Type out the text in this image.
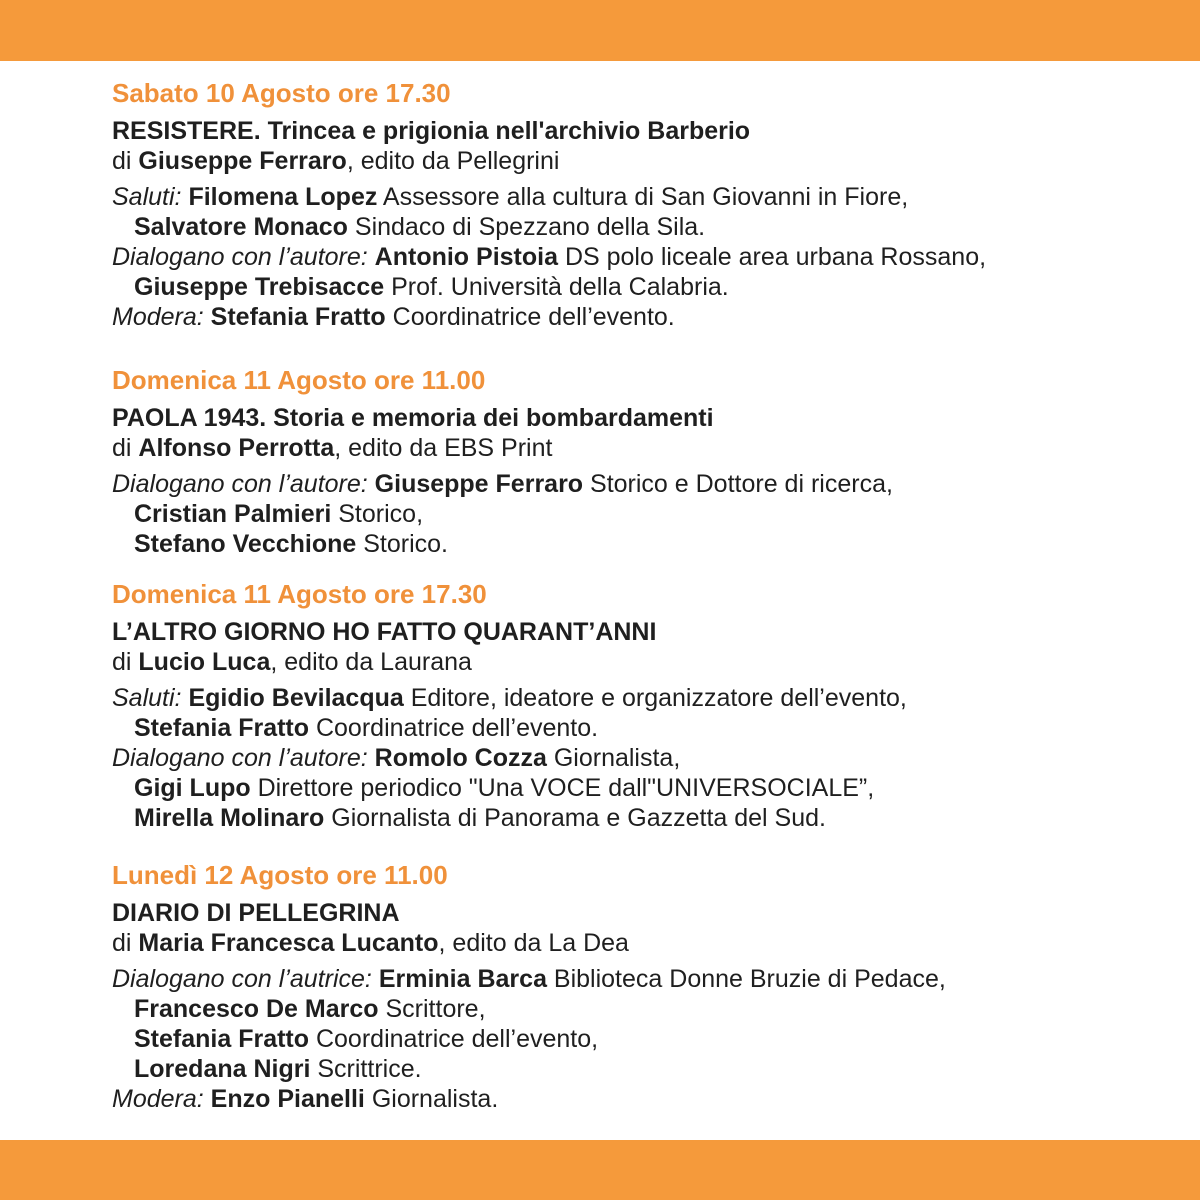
Sabato 10 Agosto ore 17.30
RESISTERE. Trincea e prigionia nell'archivio Barberio
di Giuseppe Ferraro, edito da Pellegrini
Saluti: Filomena Lopez Assessore alla cultura di San Giovanni in Fiore,
Salvatore Monaco Sindaco di Spezzano della Sila.
Dialogano con l’autore: Antonio Pistoia DS polo liceale area urbana Rossano,
Giuseppe Trebisacce Prof. Università della Calabria.
Modera: Stefania Fratto Coordinatrice dell’evento.
Domenica 11 Agosto ore 11.00
PAOLA 1943. Storia e memoria dei bombardamenti
di Alfonso Perrotta, edito da EBS Print
Dialogano con l’autore: Giuseppe Ferraro Storico e Dottore di ricerca,
Cristian Palmieri Storico,
Stefano Vecchione Storico.
Domenica 11 Agosto ore 17.30
L’ALTRO GIORNO HO FATTO QUARANT’ANNI
di Lucio Luca, edito da Laurana
Saluti: Egidio Bevilacqua Editore, ideatore e organizzatore dell’evento,
Stefania Fratto Coordinatrice dell’evento.
Dialogano con l’autore: Romolo Cozza Giornalista,
Gigi Lupo Direttore periodico "Una VOCE dall"UNIVERSOCIALE”,
Mirella Molinaro Giornalista di Panorama e Gazzetta del Sud.
Lunedì 12 Agosto ore 11.00
DIARIO DI PELLEGRINA
di Maria Francesca Lucanto, edito da La Dea
Dialogano con l’autrice: Erminia Barca Biblioteca Donne Bruzie di Pedace,
Francesco De Marco Scrittore,
Stefania Fratto Coordinatrice dell’evento,
Loredana Nigri Scrittrice.
Modera: Enzo Pianelli Giornalista.
